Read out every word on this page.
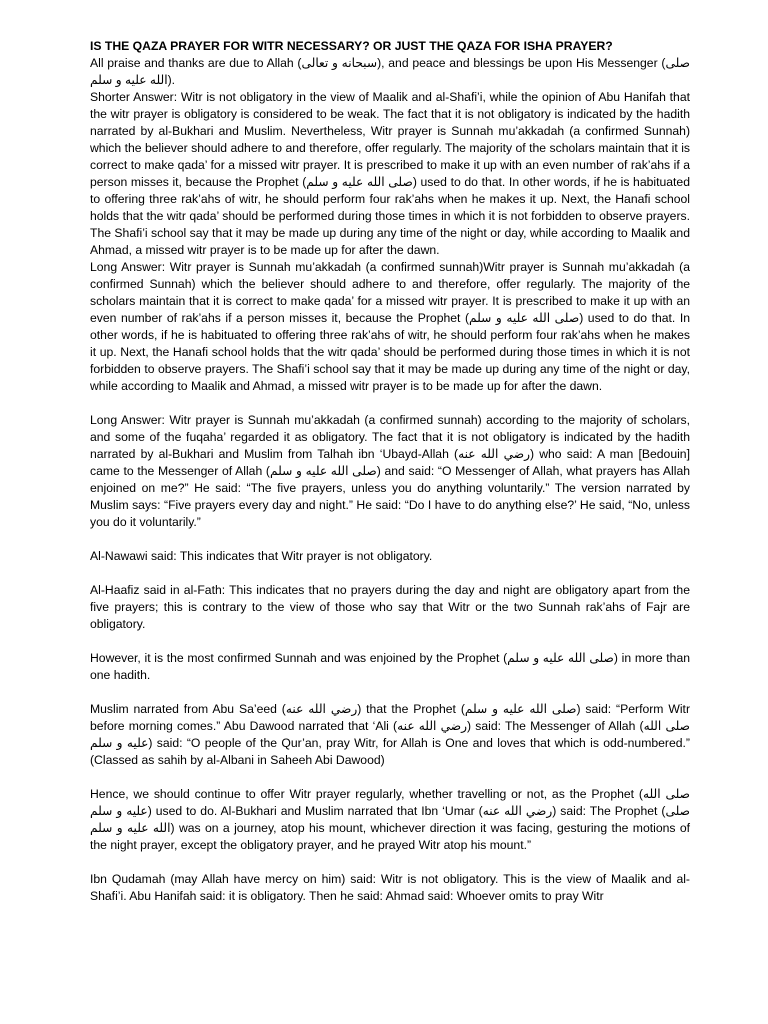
IS THE QAZA PRAYER FOR WITR NECESSARY? OR JUST THE QAZA FOR ISHA PRAYER?

All praise and thanks are due to Allah (سبحانه و تعالى), and peace and blessings be upon His Messenger (صلى الله عليه و سلم).

Shorter Answer: Witr is not obligatory in the view of Maalik and al-Shafi’i, while the opinion of Abu Hanifah that the witr prayer is obligatory is considered to be weak. The fact that it is not obligatory is indicated by the hadith narrated by al-Bukhari and Muslim. Nevertheless, Witr prayer is Sunnah mu’akkadah (a confirmed Sunnah) which the believer should adhere to and therefore, offer regularly. The majority of the scholars maintain that it is correct to make qada’ for a missed witr prayer. It is prescribed to make it up with an even number of rak’ahs if a person misses it, because the Prophet (صلى الله عليه و سلم) used to do that. In other words, if he is habituated to offering three rak’ahs of witr, he should perform four rak’ahs when he makes it up. Next, the Hanafi school holds that the witr qada’ should be performed during those times in which it is not forbidden to observe prayers. The Shafi’i school say that it may be made up during any time of the night or day, while according to Maalik and Ahmad, a missed witr prayer is to be made up for after the dawn.

Long Answer: Witr prayer is Sunnah mu’akkadah (a confirmed sunnah)Witr prayer is Sunnah mu’akkadah (a confirmed Sunnah) which the believer should adhere to and therefore, offer regularly. The majority of the scholars maintain that it is correct to make qada’ for a missed witr prayer. It is prescribed to make it up with an even number of rak’ahs if a person misses it, because the Prophet (صلى الله عليه و سلم) used to do that. In other words, if he is habituated to offering three rak’ahs of witr, he should perform four rak’ahs when he makes it up. Next, the Hanafi school holds that the witr qada’ should be performed during those times in which it is not forbidden to observe prayers. The Shafi’i school say that it may be made up during any time of the night or day, while according to Maalik and Ahmad, a missed witr prayer is to be made up for after the dawn.

Long Answer: Witr prayer is Sunnah mu’akkadah (a confirmed sunnah) according to the majority of scholars, and some of the fuqaha’ regarded it as obligatory. The fact that it is not obligatory is indicated by the hadith narrated by al-Bukhari and Muslim from Talhah ibn ‘Ubayd-Allah (رضي الله عنه) who said: A man [Bedouin] came to the Messenger of Allah (صلى الله عليه و سلم) and said: “O Messenger of Allah, what prayers has Allah enjoined on me?” He said: “The five prayers, unless you do anything voluntarily.” The version narrated by Muslim says: “Five prayers every day and night.” He said: “Do I have to do anything else?’ He said, “No, unless you do it voluntarily.”

Al-Nawawi said: This indicates that Witr prayer is not obligatory.

Al-Haafiz said in al-Fath: This indicates that no prayers during the day and night are obligatory apart from the five prayers; this is contrary to the view of those who say that Witr or the two Sunnah rak’ahs of Fajr are obligatory.

However, it is the most confirmed Sunnah and was enjoined by the Prophet (صلى الله عليه و سلم) in more than one hadith.

Muslim narrated from Abu Sa’eed (رضي الله عنه) that the Prophet (صلى الله عليه و سلم) said: “Perform Witr before morning comes.” Abu Dawood narrated that ‘Ali (رضي الله عنه) said: The Messenger of Allah (صلى الله عليه و سلم) said: “O people of the Qur’an, pray Witr, for Allah is One and loves that which is odd-numbered.” (Classed as sahih by al-Albani in Saheeh Abi Dawood)

Hence, we should continue to offer Witr prayer regularly, whether travelling or not, as the Prophet (صلى الله عليه و سلم) used to do. Al-Bukhari and Muslim narrated that Ibn ‘Umar (رضي الله عنه) said: The Prophet (صلى الله عليه و سلم) was on a journey, atop his mount, whichever direction it was facing, gesturing the motions of the night prayer, except the obligatory prayer, and he prayed Witr atop his mount.”

Ibn Qudamah (may Allah have mercy on him) said: Witr is not obligatory. This is the view of Maalik and al-Shafi’i. Abu Hanifah said: it is obligatory. Then he said: Ahmad said: Whoever omits to pray Witr
